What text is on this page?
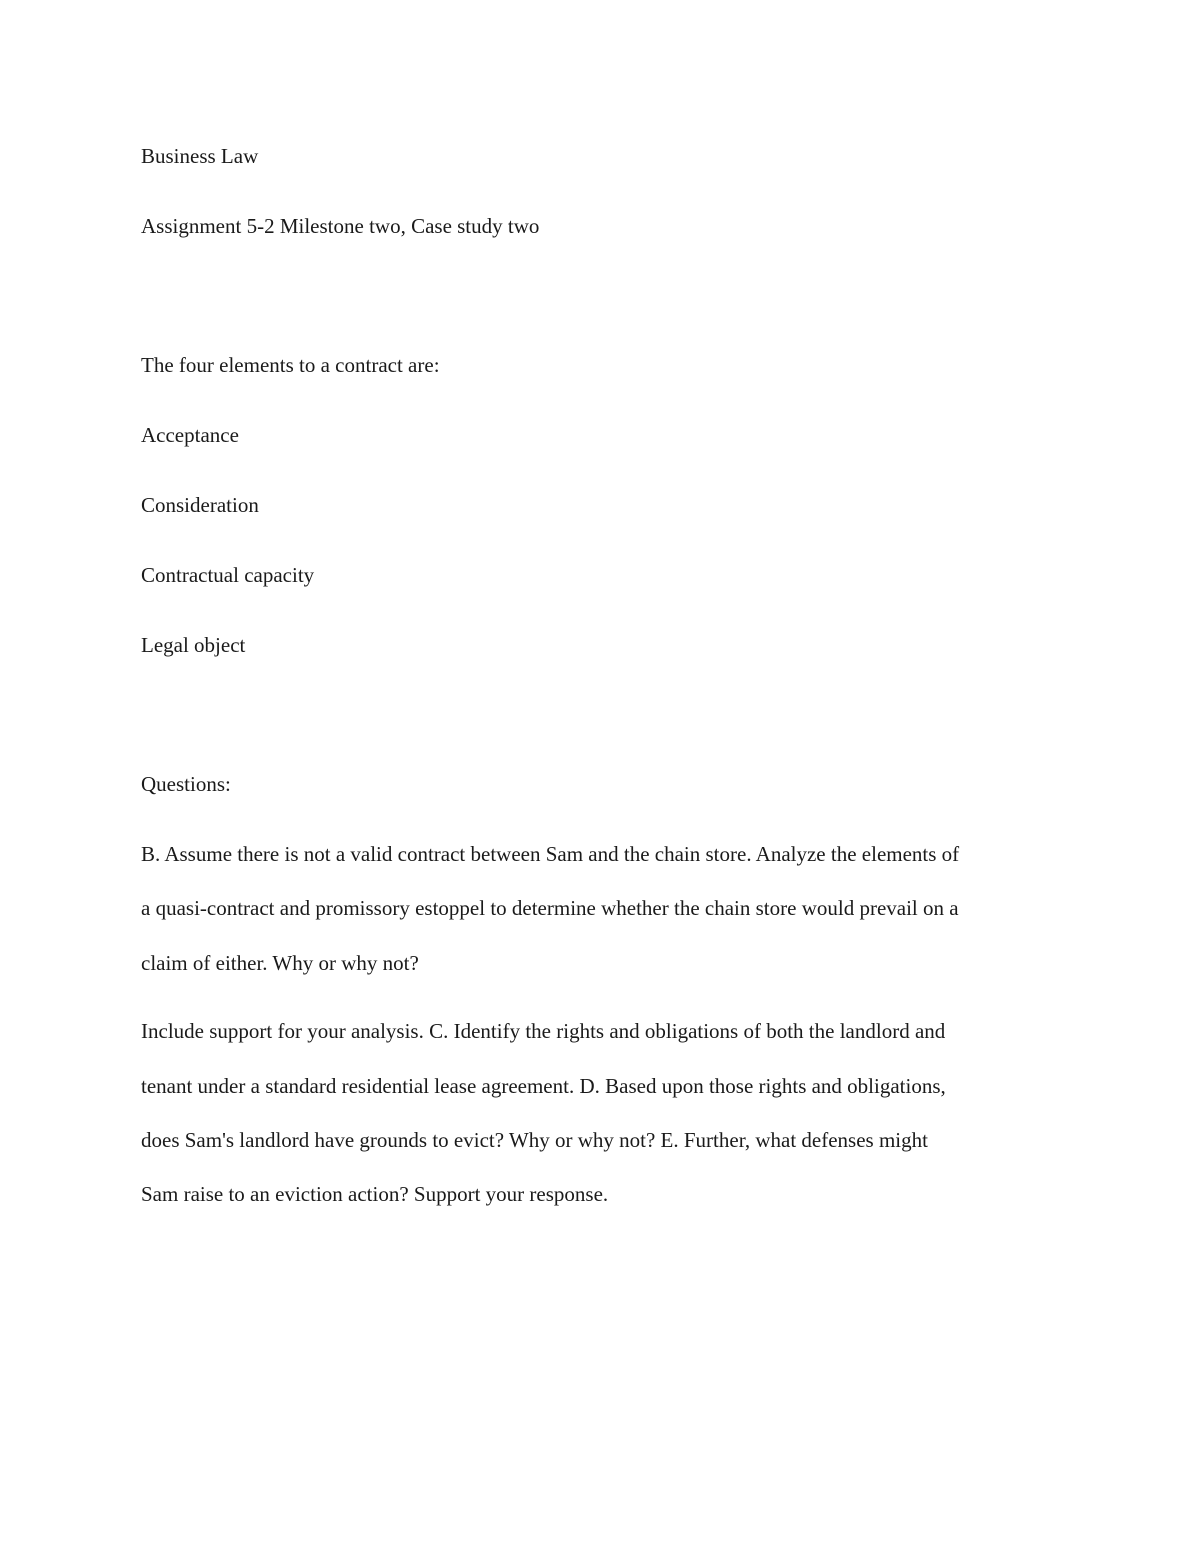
Business Law

Assignment 5-2 Milestone two, Case study two

The four elements to a contract are:

Acceptance

Consideration

Contractual capacity

Legal object

Questions:

B. Assume there is not a valid contract between Sam and the chain store. Analyze the elements of

a quasi-contract and promissory estoppel to determine whether the chain store would prevail on a

claim of either. Why or why not?

Include support for your analysis. C. Identify the rights and obligations of both the landlord and

tenant under a standard residential lease agreement. D. Based upon those rights and obligations,

does Sam's landlord have grounds to evict? Why or why not? E. Further, what defenses might

Sam raise to an eviction action? Support your response.
